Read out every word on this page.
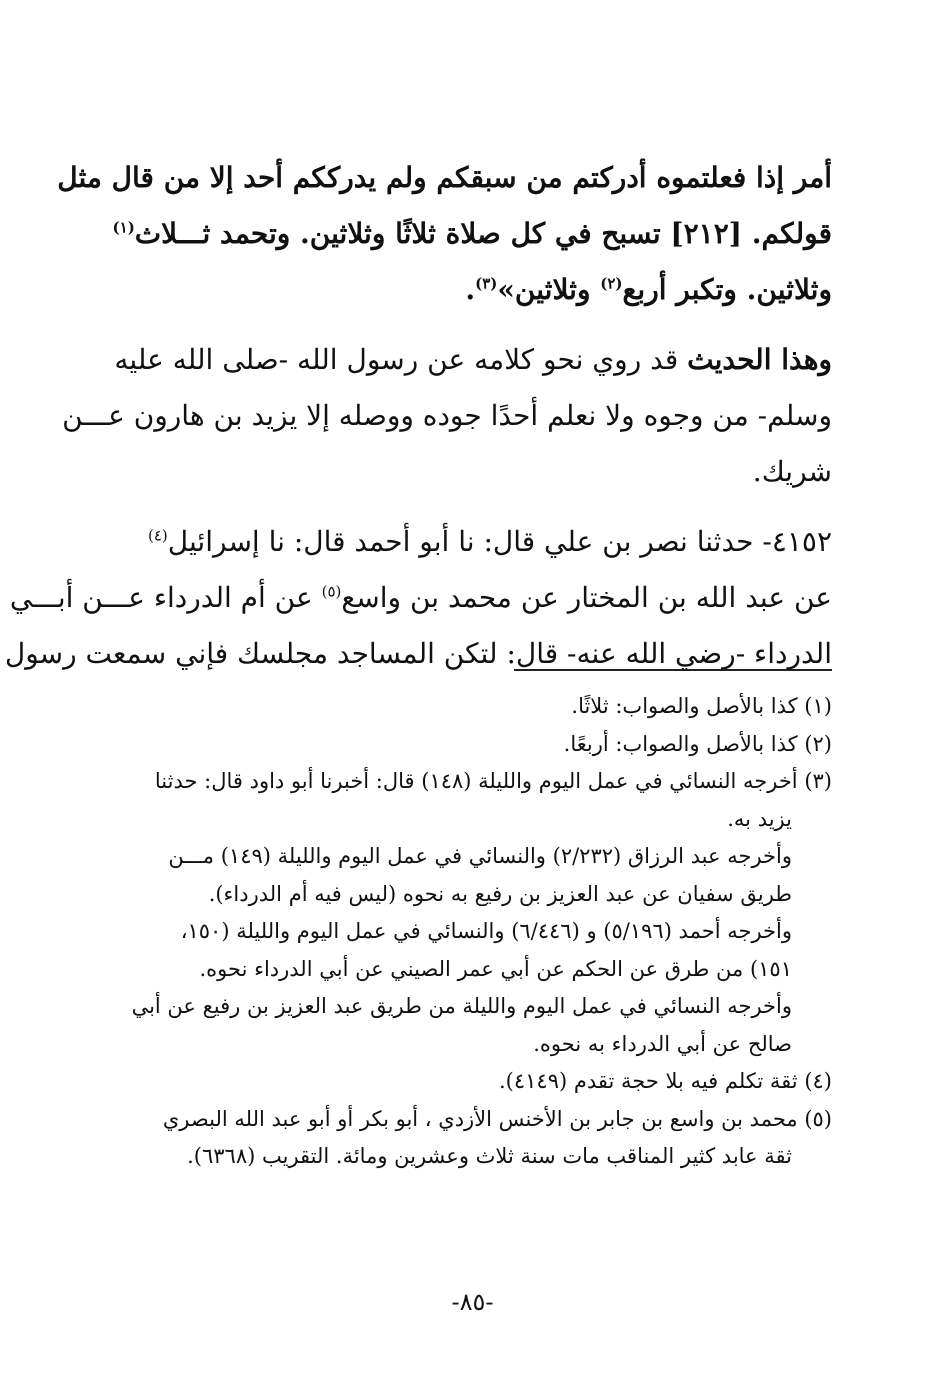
أمر إذا فعلتموه أدركتم من سبقكم ولم يدرككم أحد إلا من قال مثل
قولكم. [٢١٢] تسبح في كل صلاة ثلاثًا وثلاثين. وتحمد ثـــلاث$^{(١)}$
وثلاثين. وتكبر أربع$^{(٢)}$ وثلاثين»$^{(٣)}$.
وهذا الحديث قد روي نحو كلامه عن رسول الله -صلى الله عليه
وسلم- من وجوه ولا نعلم أحدًا جوده ووصله إلا يزيد بن هارون عـــن
شريك.
٤١٥٢- حدثنا نصر بن علي قال: نا أبو أحمد قال: نا إسرائيل$^{(٤)}$
عن عبد الله بن المختار عن محمد بن واسع$^{(٥)}$ عن أم الدرداء عـــن أبـــي
الدرداء -رضي الله عنه- قال: لتكن المساجد مجلسك فإني سمعت رسول
(١) كذا بالأصل والصواب: ثلاثًا.
(٢) كذا بالأصل والصواب: أربعًا.
(٣) أخرجه النسائي في عمل اليوم والليلة (١٤٨) قال: أخبرنا أبو داود قال: حدثنا
يزيد به.
وأخرجه عبد الرزاق (٢/٢٣٢) والنسائي في عمل اليوم والليلة (١٤٩) مـــن
طريق سفيان عن عبد العزيز بن رفيع به نحوه (ليس فيه أم الدرداء).
وأخرجه أحمد (٥/١٩٦) و (٦/٤٤٦) والنسائي في عمل اليوم والليلة (١٥٠،
١٥١) من طرق عن الحكم عن أبي عمر الصيني عن أبي الدرداء نحوه.
وأخرجه النسائي في عمل اليوم والليلة من طريق عبد العزيز بن رفيع عن أبي
صالح عن أبي الدرداء به نحوه.
(٤) ثقة تكلم فيه بلا حجة تقدم (٤١٤٩).
(٥) محمد بن واسع بن جابر بن الأخنس الأزدي ، أبو بكر أو أبو عبد الله البصري
ثقة عابد كثير المناقب مات سنة ثلاث وعشرين ومائة. التقريب (٦٣٦٨).
-٨٥-
